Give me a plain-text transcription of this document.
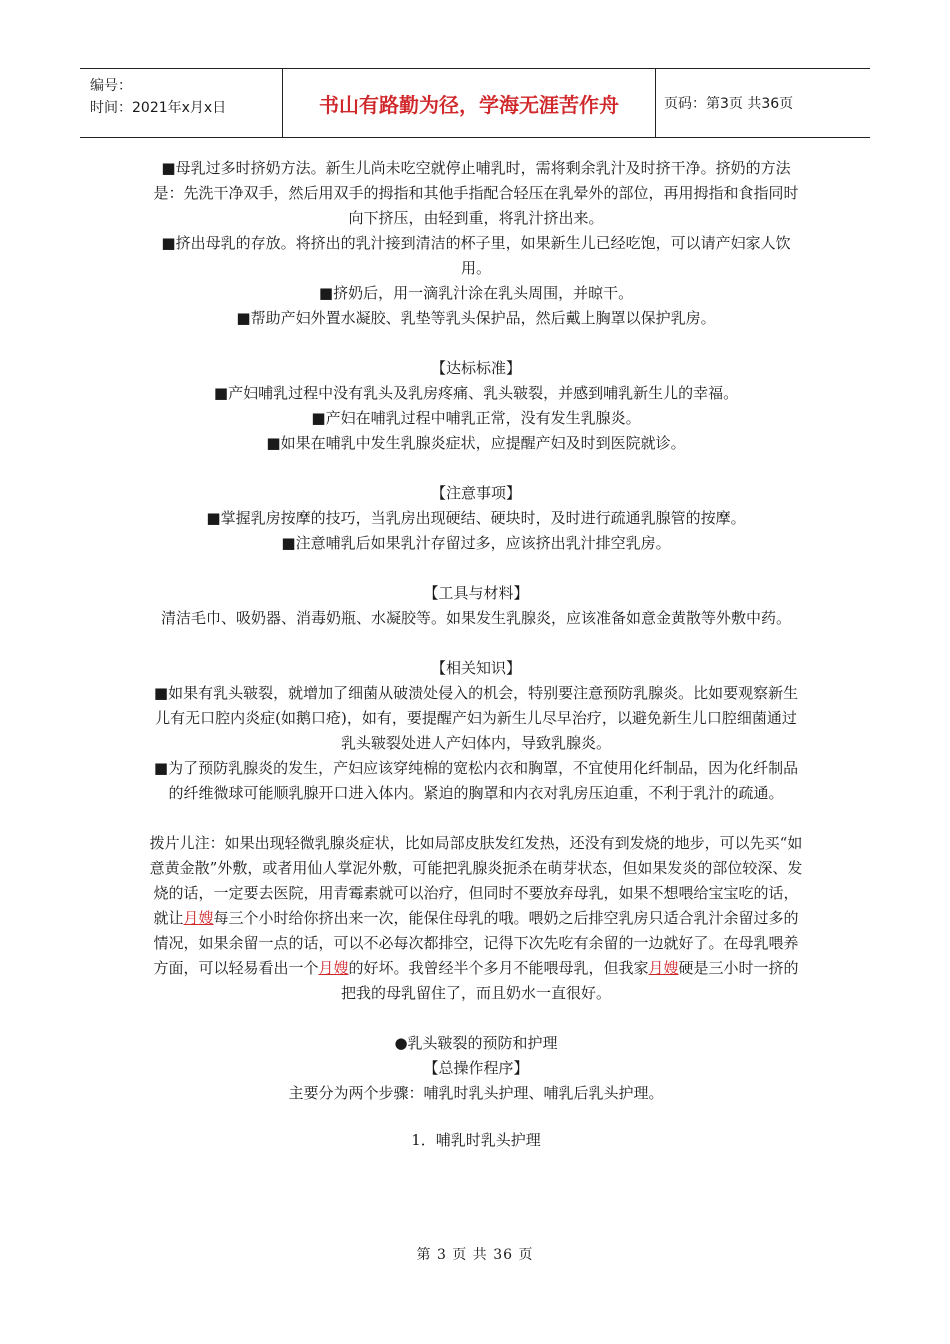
编号：
时间：2021年x月x日	书山有路勤为径，学海无涯苦作舟	页码：第3页 共36页

■母乳过多时挤奶方法。新生儿尚未吃空就停止哺乳时，需将剩余乳汁及时挤干净。挤奶的方法是：先洗干净双手，然后用双手的拇指和其他手指配合轻压在乳晕外的部位，再用拇指和食指同时向下挤压，由轻到重，将乳汁挤出来。

■挤出母乳的存放。将挤出的乳汁接到清洁的杯子里，如果新生儿已经吃饱，可以请产妇家人饮用。

■挤奶后，用一滴乳汁涂在乳头周围，并晾干。

■帮助产妇外置水凝胶、乳垫等乳头保护品，然后戴上胸罩以保护乳房。

【达标标准】

■产妇哺乳过程中没有乳头及乳房疼痛、乳头皲裂，并感到哺乳新生儿的幸福。

■产妇在哺乳过程中哺乳正常，没有发生乳腺炎。

■如果在哺乳中发生乳腺炎症状，应提醒产妇及时到医院就诊。

【注意事项】

■掌握乳房按摩的技巧，当乳房出现硬结、硬块时，及时进行疏通乳腺管的按摩。

■注意哺乳后如果乳汁存留过多，应该挤出乳汁排空乳房。

【工具与材料】

清洁毛巾、吸奶器、消毒奶瓶、水凝胶等。如果发生乳腺炎，应该准备如意金黄散等外敷中药。

【相关知识】

■如果有乳头皲裂，就增加了细菌从破溃处侵入的机会，特别要注意预防乳腺炎。比如要观察新生儿有无口腔内炎症(如鹅口疮)，如有，要提醒产妇为新生儿尽早治疗，以避免新生儿口腔细菌通过乳头皲裂处进人产妇体内，导致乳腺炎。

■为了预防乳腺炎的发生，产妇应该穿纯棉的宽松内衣和胸罩，不宜使用化纤制品，因为化纤制品的纤维微球可能顺乳腺开口进入体内。紧迫的胸罩和内衣对乳房压迫重，不利于乳汁的疏通。

拨片儿注：如果出现轻微乳腺炎症状，比如局部皮肤发红发热，还没有到发烧的地步，可以先买“如意黄金散”外敷，或者用仙人掌泥外敷，可能把乳腺炎扼杀在萌芽状态，但如果发炎的部位较深、发烧的话，一定要去医院，用青霉素就可以治疗，但同时不要放弃母乳，如果不想喂给宝宝吃的话，就让月嫂每三个小时给你挤出来一次，能保住母乳的哦。喂奶之后排空乳房只适合乳汁余留过多的情况，如果余留一点的话，可以不必每次都排空，记得下次先吃有余留的一边就好了。在母乳喂养方面，可以轻易看出一个月嫂的好坏。我曾经半个多月不能喂母乳，但我家月嫂硬是三小时一挤的把我的母乳留住了，而且奶水一直很好。

●乳头皲裂的预防和护理

【总操作程序】

主要分为两个步骤：哺乳时乳头护理、哺乳后乳头护理。

1．哺乳时乳头护理

第 3 页 共 36 页
